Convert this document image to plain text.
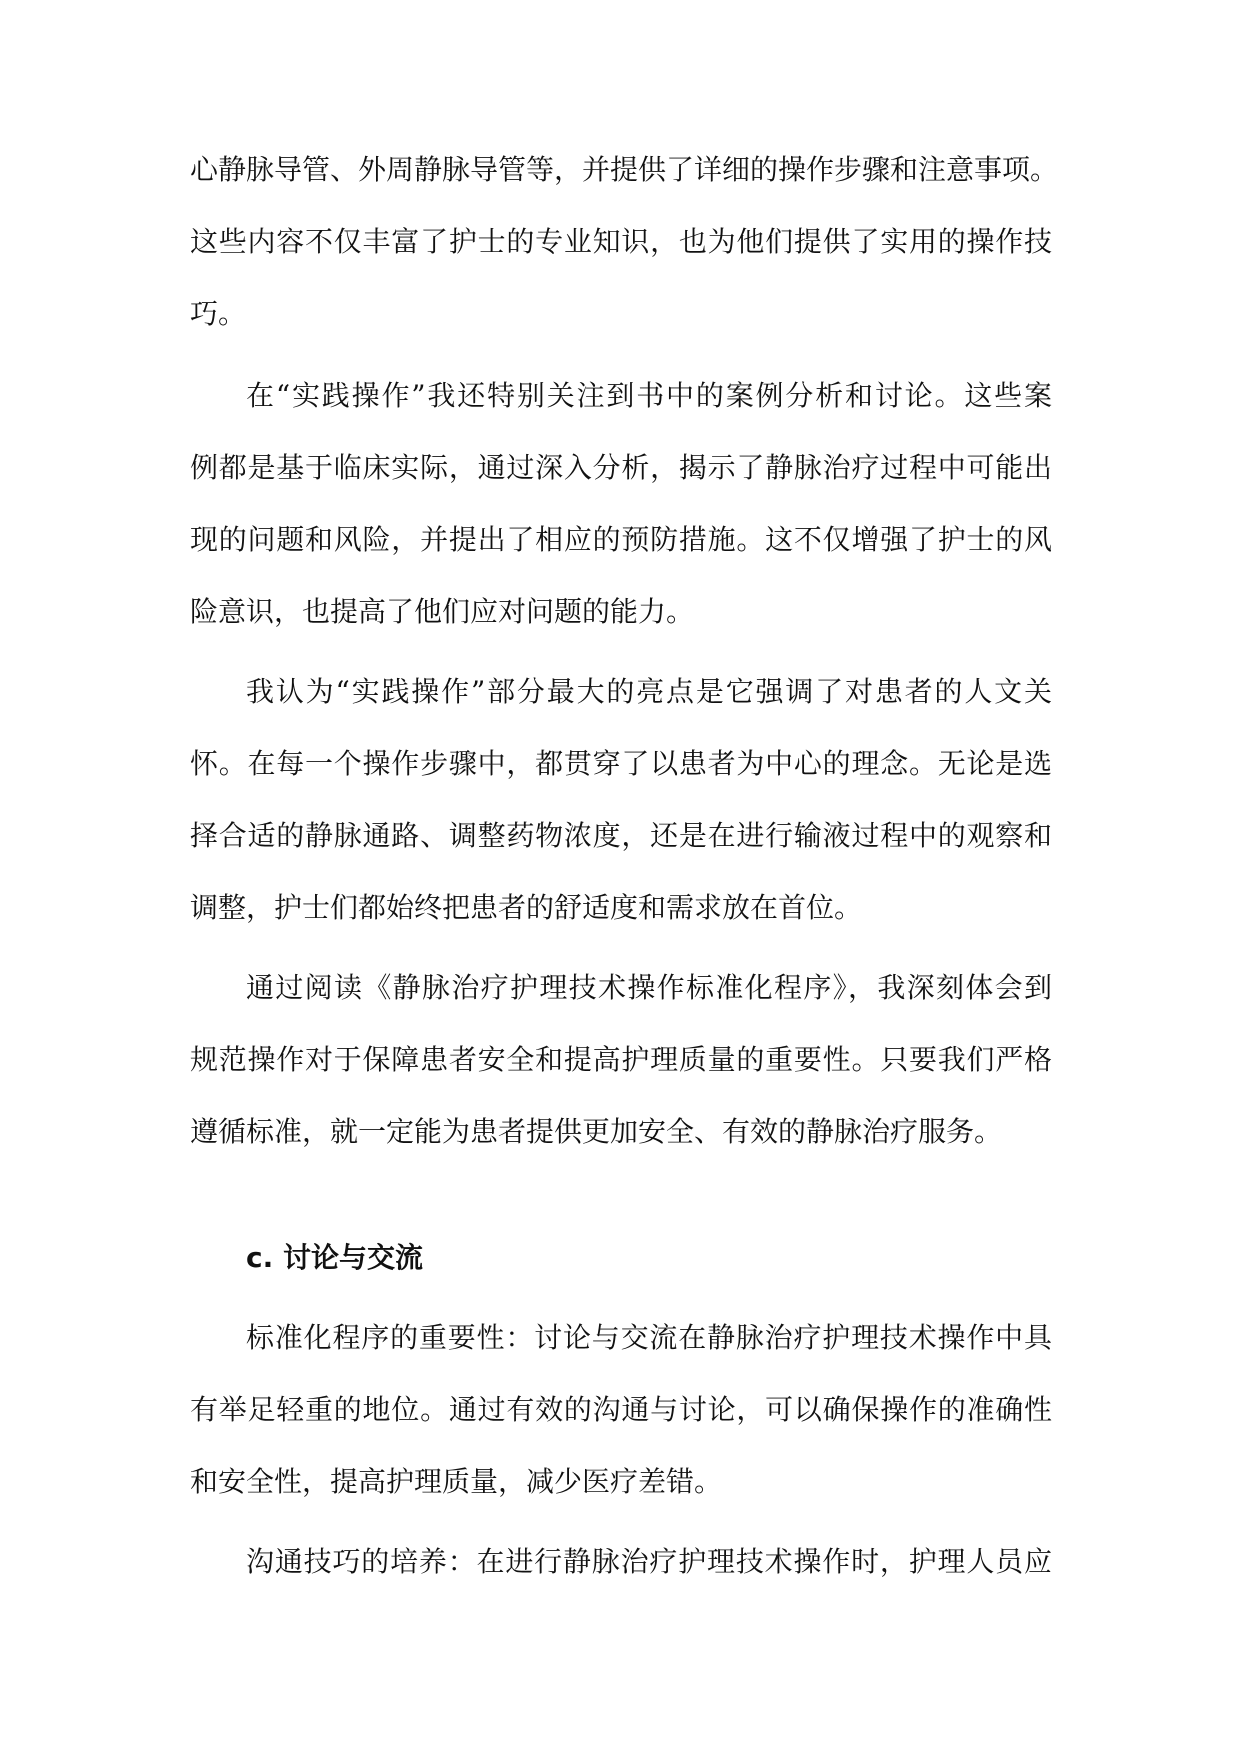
心静脉导管、外周静脉导管等，并提供了详细的操作步骤和注意事项。
这些内容不仅丰富了护士的专业知识，也为他们提供了实用的操作技
巧。
在“实践操作”我还特别关注到书中的案例分析和讨论。这些案
例都是基于临床实际，通过深入分析，揭示了静脉治疗过程中可能出
现的问题和风险，并提出了相应的预防措施。这不仅增强了护士的风
险意识，也提高了他们应对问题的能力。
我认为“实践操作”部分最大的亮点是它强调了对患者的人文关
怀。在每一个操作步骤中，都贯穿了以患者为中心的理念。无论是选
择合适的静脉通路、调整药物浓度，还是在进行输液过程中的观察和
调整，护士们都始终把患者的舒适度和需求放在首位。
通过阅读《静脉治疗护理技术操作标准化程序》，我深刻体会到
规范操作对于保障患者安全和提高护理质量的重要性。只要我们严格
遵循标准，就一定能为患者提供更加安全、有效的静脉治疗服务。
c. 讨论与交流
标准化程序的重要性：讨论与交流在静脉治疗护理技术操作中具
有举足轻重的地位。通过有效的沟通与讨论，可以确保操作的准确性
和安全性，提高护理质量，减少医疗差错。
沟通技巧的培养：在进行静脉治疗护理技术操作时，护理人员应
